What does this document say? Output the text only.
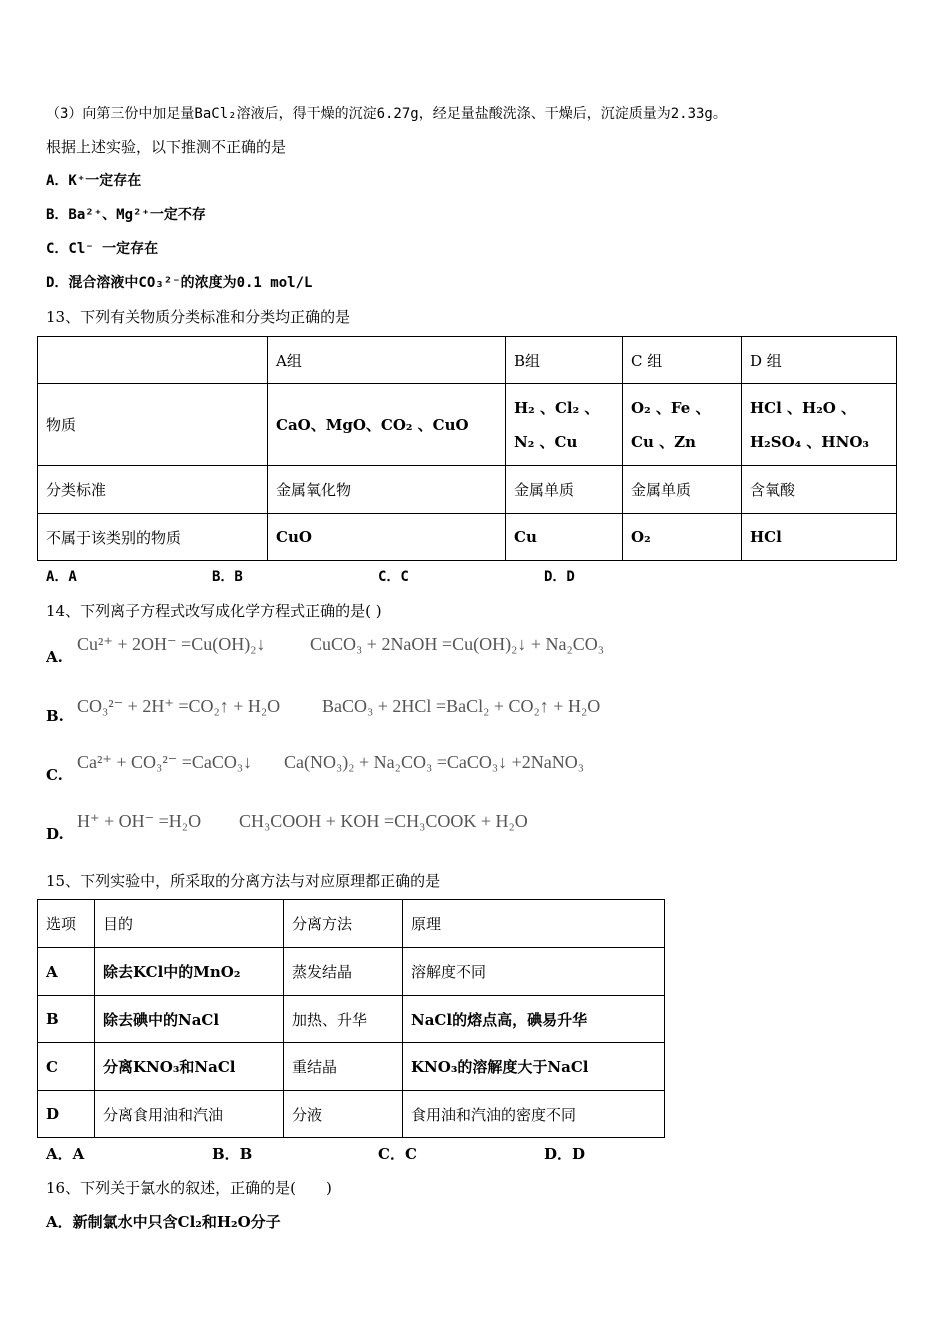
（3）向第三份中加足量BaCl₂溶液后，得干燥的沉淀6.27g，经足量盐酸洗涤、干燥后，沉淀质量为2.33g。
根据上述实验，以下推测不正确的是
A．K⁺一定存在
B．Ba²⁺、Mg²⁺一定不存
C．Cl⁻ 一定存在
D．混合溶液中CO₃²⁻的浓度为0.1 mol/L
13、下列有关物质分类标准和分类均正确的是
	A组	B组	C 组	D 组
物质	CaO、MgO、CO₂ 、CuO	H₂ 、Cl₂ 、N₂ 、Cu	O₂ 、Fe 、Cu 、Zn	HCl 、H₂O 、H₂SO₄ 、HNO₃
分类标准	金属氧化物	金属单质	金属单质	含氧酸
不属于该类别的物质	CuO	Cu	O₂	HCl
A．A	B．B	C．C	D．D
14、下列离子方程式改写成化学方程式正确的是( )
A.
Cu²⁺ + 2OH⁻ =Cu(OH)₂↓ CuCO₃ + 2NaOH =Cu(OH)₂↓ + Na₂CO₃
B. CO₃²⁻ + 2H⁺ =CO₂↑ + H₂O BaCO₃ + 2HCl =BaCl₂ + CO₂↑ + H₂O
C.
Ca²⁺ + CO₃²⁻ =CaCO₃↓ Ca(NO₃)₂ + Na₂CO₃ =CaCO₃↓ +2NaNO₃
D.
H⁺ + OH⁻ =H₂O CH₃COOH + KOH =CH₃COOK + H₂O
15、下列实验中，所采取的分离方法与对应原理都正确的是
选项	目的	分离方法	原理
A	除去KCl中的MnO₂	蒸发结晶	溶解度不同
B	除去碘中的NaCl	加热、升华	NaCl的熔点高，碘易升华
C	分离KNO₃和NaCl	重结晶	KNO₃的溶解度大于NaCl
D	分离食用油和汽油	分液	食用油和汽油的密度不同
A．A	B．B	C．C	D．D
16、下列关于氯水的叙述，正确的是(　　)
A．新制氯水中只含Cl₂和H₂O分子
